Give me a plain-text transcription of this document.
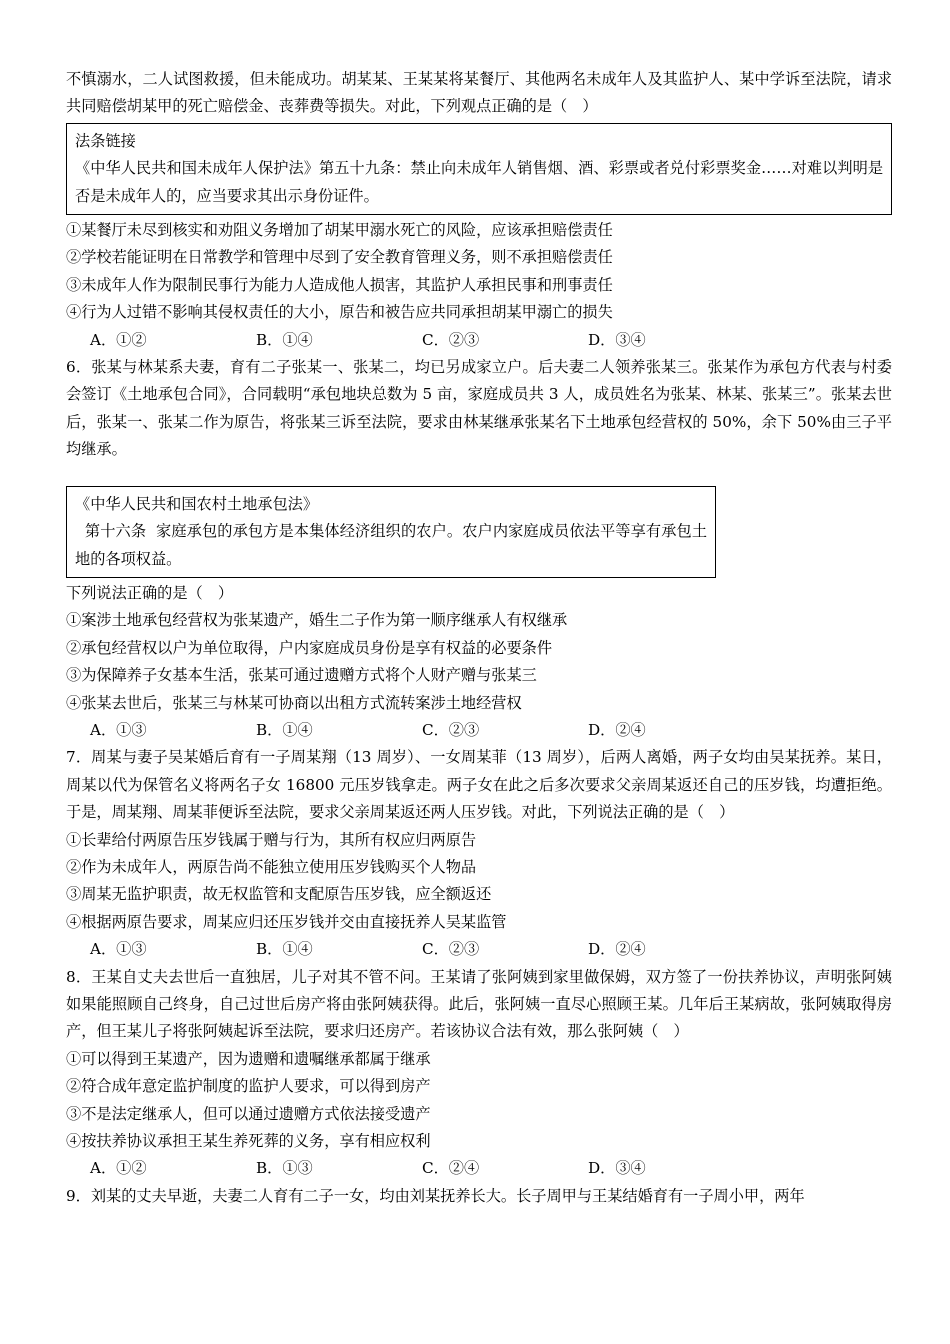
不慎溺水，二人试图救援，但未能成功。胡某某、王某某将某餐厅、其他两名未成年人及其监护人、某中学诉至法院，请求共同赔偿胡某甲的死亡赔偿金、丧葬费等损失。对此，下列观点正确的是（　）

法条链接

《中华人民共和国未成年人保护法》第五十九条：禁止向未成年人销售烟、酒、彩票或者兑付彩票奖金……对难以判明是否是未成年人的，应当要求其出示身份证件。

①某餐厅未尽到核实和劝阻义务增加了胡某甲溺水死亡的风险，应该承担赔偿责任

②学校若能证明在日常教学和管理中尽到了安全教育管理义务，则不承担赔偿责任

③未成年人作为限制民事行为能力人造成他人损害，其监护人承担民事和刑事责任

④行为人过错不影响其侵权责任的大小，原告和被告应共同承担胡某甲溺亡的损失

A．①②	B．①④	C．②③	D．③④

6．张某与林某系夫妻，育有二子张某一、张某二，均已另成家立户。后夫妻二人领养张某三。张某作为承包方代表与村委会签订《土地承包合同》，合同载明“承包地块总数为 5 亩，家庭成员共 3 人，成员姓名为张某、林某、张某三”。张某去世后，张某一、张某二作为原告，将张某三诉至法院，要求由林某继承张某名下土地承包经营权的 50%，余下 50%由三子平均继承。

《中华人民共和国农村土地承包法》

第十六条  家庭承包的承包方是本集体经济组织的农户。农户内家庭成员依法平等享有承包土地的各项权益。

下列说法正确的是（　）

①案涉土地承包经营权为张某遗产，婚生二子作为第一顺序继承人有权继承

②承包经营权以户为单位取得，户内家庭成员身份是享有权益的必要条件

③为保障养子女基本生活，张某可通过遗赠方式将个人财产赠与张某三

④张某去世后，张某三与林某可协商以出租方式流转案涉土地经营权

A．①③	B．①④	C．②③	D．②④

7．周某与妻子吴某婚后育有一子周某翔（13 周岁）、一女周某菲（13 周岁），后两人离婚，两子女均由吴某抚养。某日，周某以代为保管名义将两名子女 16800 元压岁钱拿走。两子女在此之后多次要求父亲周某返还自己的压岁钱，均遭拒绝。于是，周某翔、周某菲便诉至法院，要求父亲周某返还两人压岁钱。对此，下列说法正确的是（　）

①长辈给付两原告压岁钱属于赠与行为，其所有权应归两原告

②作为未成年人，两原告尚不能独立使用压岁钱购买个人物品

③周某无监护职责，故无权监管和支配原告压岁钱，应全额返还

④根据两原告要求，周某应归还压岁钱并交由直接抚养人吴某监管

A．①③	B．①④	C．②③	D．②④

8．王某自丈夫去世后一直独居，儿子对其不管不问。王某请了张阿姨到家里做保姆，双方签了一份扶养协议，声明张阿姨如果能照顾自己终身，自己过世后房产将由张阿姨获得。此后，张阿姨一直尽心照顾王某。几年后王某病故，张阿姨取得房产，但王某儿子将张阿姨起诉至法院，要求归还房产。若该协议合法有效，那么张阿姨（　）

①可以得到王某遗产，因为遗赠和遗嘱继承都属于继承

②符合成年意定监护制度的监护人要求，可以得到房产

③不是法定继承人，但可以通过遗赠方式依法接受遗产

④按扶养协议承担王某生养死葬的义务，享有相应权利

A．①②	B．①③	C．②④	D．③④

9．刘某的丈夫早逝，夫妻二人育有二子一女，均由刘某抚养长大。长子周甲与王某结婚育有一子周小甲，两年
